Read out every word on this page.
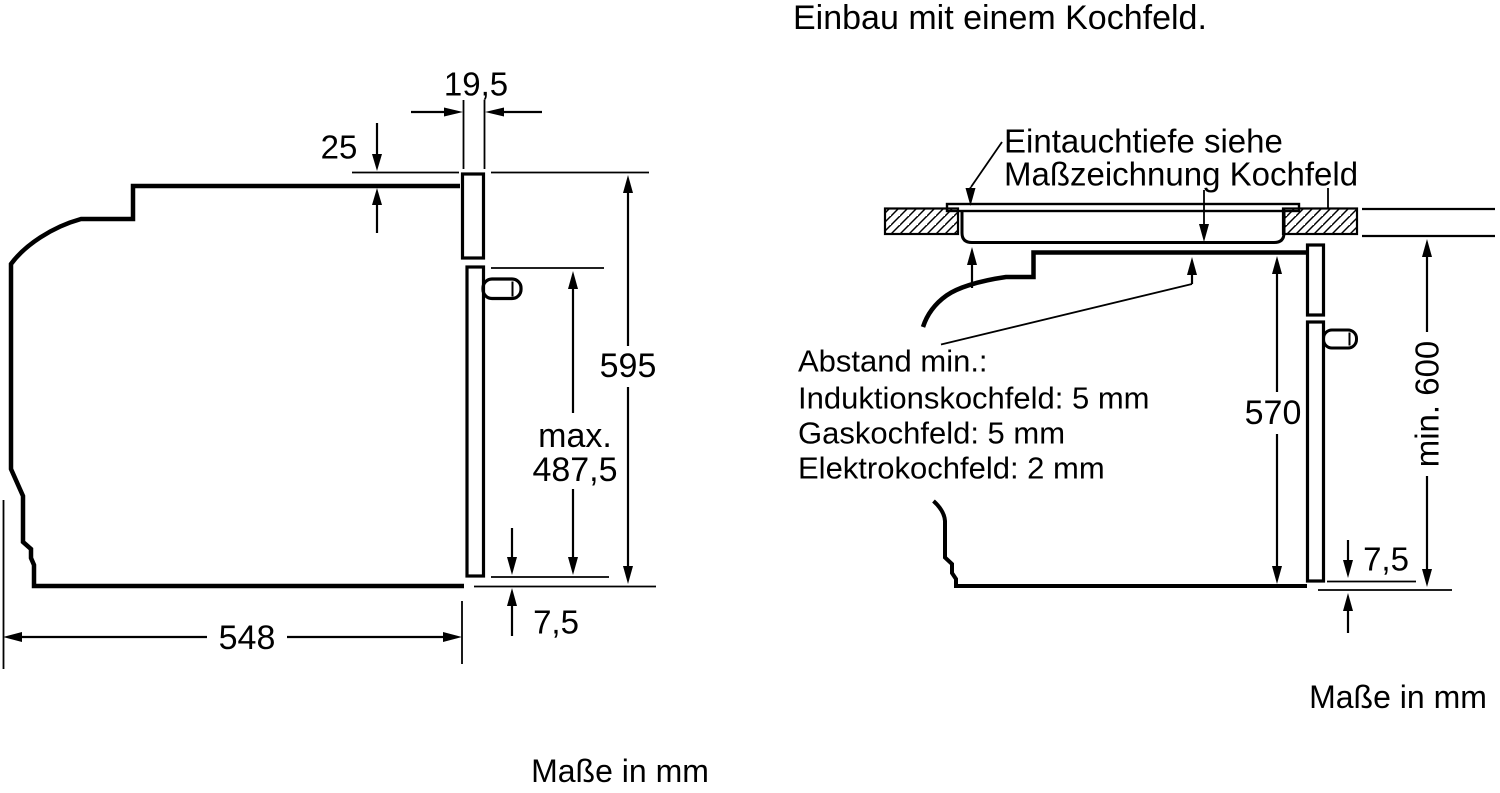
19,5
25
595
max.
487,5
7,5
548
Maße in mm
Einbau mit einem Kochfeld.
Eintauchtiefe siehe
Maßzeichnung Kochfeld
Abstand min.:
Induktionskochfeld: 5 mm
Gaskochfeld: 5 mm
Elektrokochfeld: 2 mm
570	min. 600
7,5
Maße in mm
